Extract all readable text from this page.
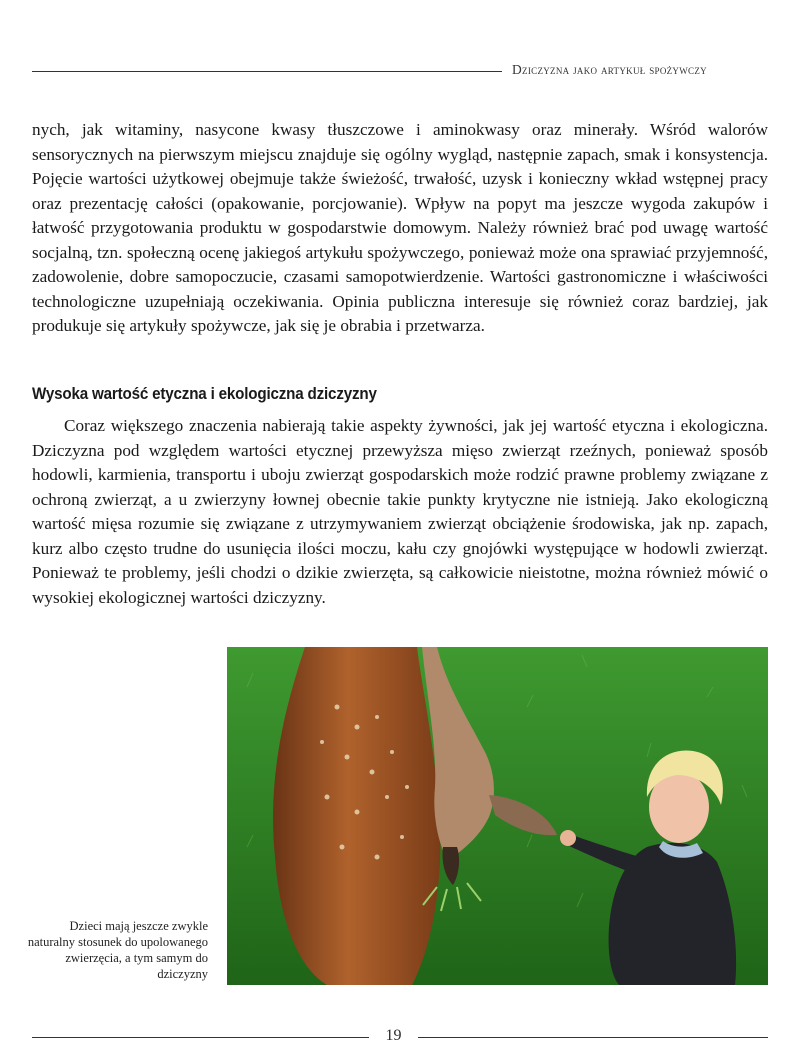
Dziczyzna jako artykuł spożywczy

nych, jak witaminy, nasycone kwasy tłuszczowe i aminokwasy oraz minerały. Wśród walorów sensorycznych na pierwszym miejscu znajduje się ogólny wygląd, następnie zapach, smak i konsystencja. Pojęcie wartości użytkowej obejmuje także świeżość, trwałość, uzysk i konieczny wkład wstępnej pracy oraz prezentację całości (opakowanie, porcjowanie). Wpływ na popyt ma jeszcze wygoda zakupów i łatwość przygotowania produktu w gospodarstwie domowym. Należy również brać pod uwagę wartość socjalną, tzn. społeczną ocenę jakiegoś artykułu spożywczego, ponieważ może ona sprawiać przyjemność, zadowolenie, dobre samopoczucie, czasami samopotwierdzenie. Wartości gastronomiczne i właściwości technologiczne uzupełniają oczekiwania. Opinia publiczna interesuje się również coraz bardziej, jak produkuje się artykuły spożywcze, jak się je obrabia i przetwarza.

Wysoka wartość etyczna i ekologiczna dziczyzny

Coraz większego znaczenia nabierają takie aspekty żywności, jak jej wartość etyczna i ekologiczna. Dziczyzna pod względem wartości etycznej przewyższa mięso zwierząt rzeźnych, ponieważ sposób hodowli, karmienia, transportu i uboju zwierząt gospodarskich może rodzić prawne problemy związane z ochroną zwierząt, a u zwierzyny łownej obecnie takie punkty krytyczne nie istnieją. Jako ekologiczną wartość mięsa rozumie się związane z utrzymywaniem zwierząt obciążenie środowiska, jak np. zapach, kurz albo często trudne do usunięcia ilości moczu, kału czy gnojówki występujące w hodowli zwierząt. Ponieważ te problemy, jeśli chodzi o dzikie zwierzęta, są całkowicie nieistotne, można również mówić o wysokiej ekologicznej wartości dziczyzny.

Dzieci mają jeszcze zwykle naturalny stosunek do upolowanego zwierzęcia, a tym samym do dziczyzny

19
